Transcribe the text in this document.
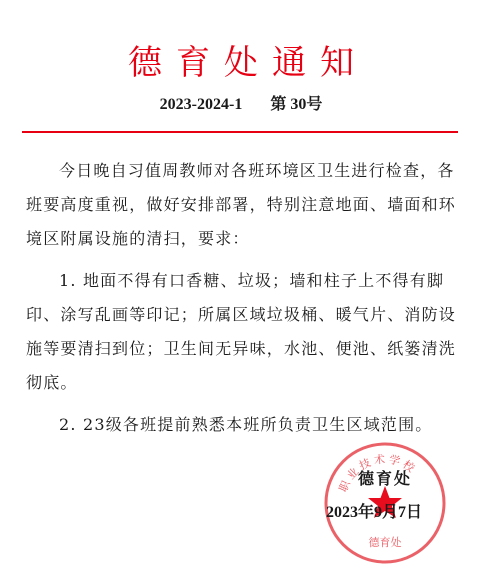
德育处通知
2023-2024-1 第 30号

今日晚自习值周教师对各班环境区卫生进行检查，各班要高度重视，做好安排部署，特别注意地面、墙面和环境区附属设施的清扫，要求：

1. 地面不得有口香糖、垃圾；墙和柱子上不得有脚印、涂写乱画等印记；所属区域垃圾桶、暖气片、消防设施等要清扫到位；卫生间无异味，水池、便池、纸篓清洗彻底。

2. 23级各班提前熟悉本班所负责卫生区域范围。

职业技术学校
德育处
德育处
2023年9月7日
